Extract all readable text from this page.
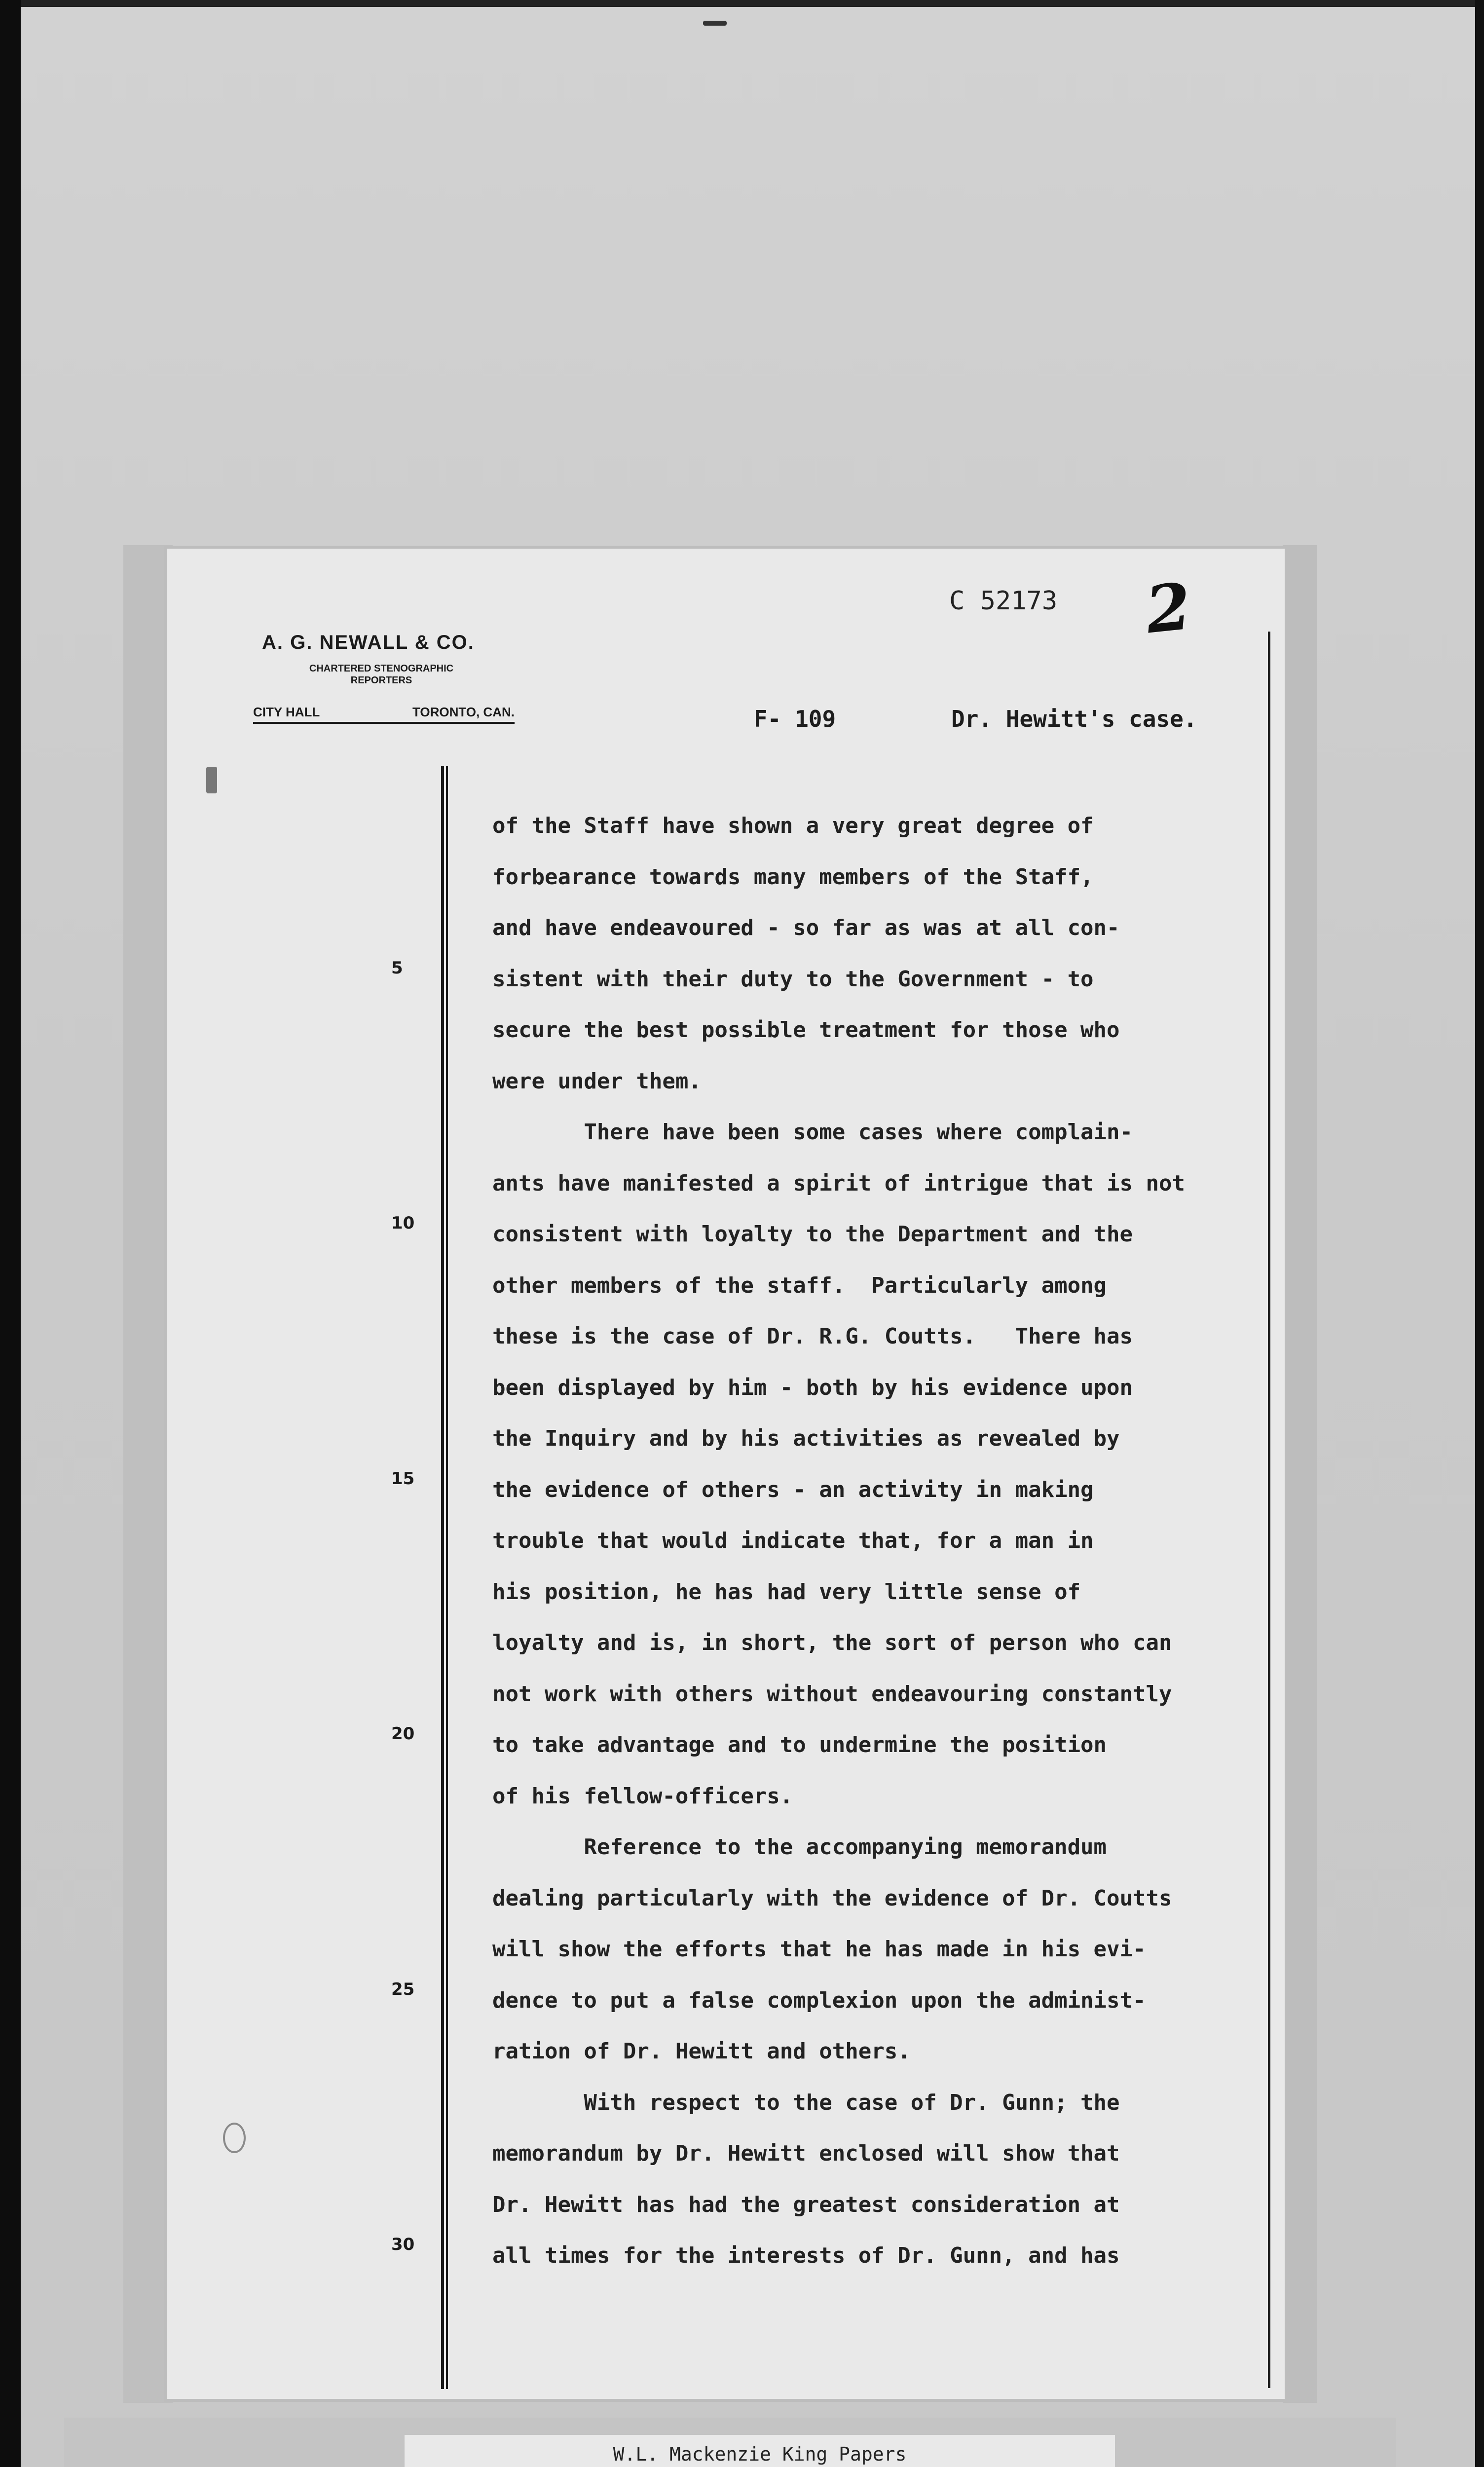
A. G. NEWALL & CO.
CHARTERED STENOGRAPHIC
REPORTERS
CITY HALL	TORONTO, CAN.
C 52173 2
F- 109	Dr. Hewitt's case.
5
10
15
20
25
30
of the Staff have shown a very great degree of
forbearance towards many members of the Staff,
and have endeavoured - so far as was at all con-
sistent with their duty to the Government - to
secure the best possible treatment for those who
were under them.
There have been some cases where complain-
ants have manifested a spirit of intrigue that is not
consistent with loyalty to the Department and the
other members of the staff.  Particularly among
these is the case of Dr. R.G. Coutts.   There has
been displayed by him - both by his evidence upon
the Inquiry and by his activities as revealed by
the evidence of others - an activity in making
trouble that would indicate that, for a man in
his position, he has had very little sense of
loyalty and is, in short, the sort of person who can
not work with others without endeavouring constantly
to take advantage and to undermine the position
of his fellow-officers.
Reference to the accompanying memorandum
dealing particularly with the evidence of Dr. Coutts
will show the efforts that he has made in his evi-
dence to put a false complexion upon the administ-
ration of Dr. Hewitt and others.
With respect to the case of Dr. Gunn; the
memorandum by Dr. Hewitt enclosed will show that
Dr. Hewitt has had the greatest consideration at
all times for the interests of Dr. Gunn, and has
W.L. Mackenzie King Papers
